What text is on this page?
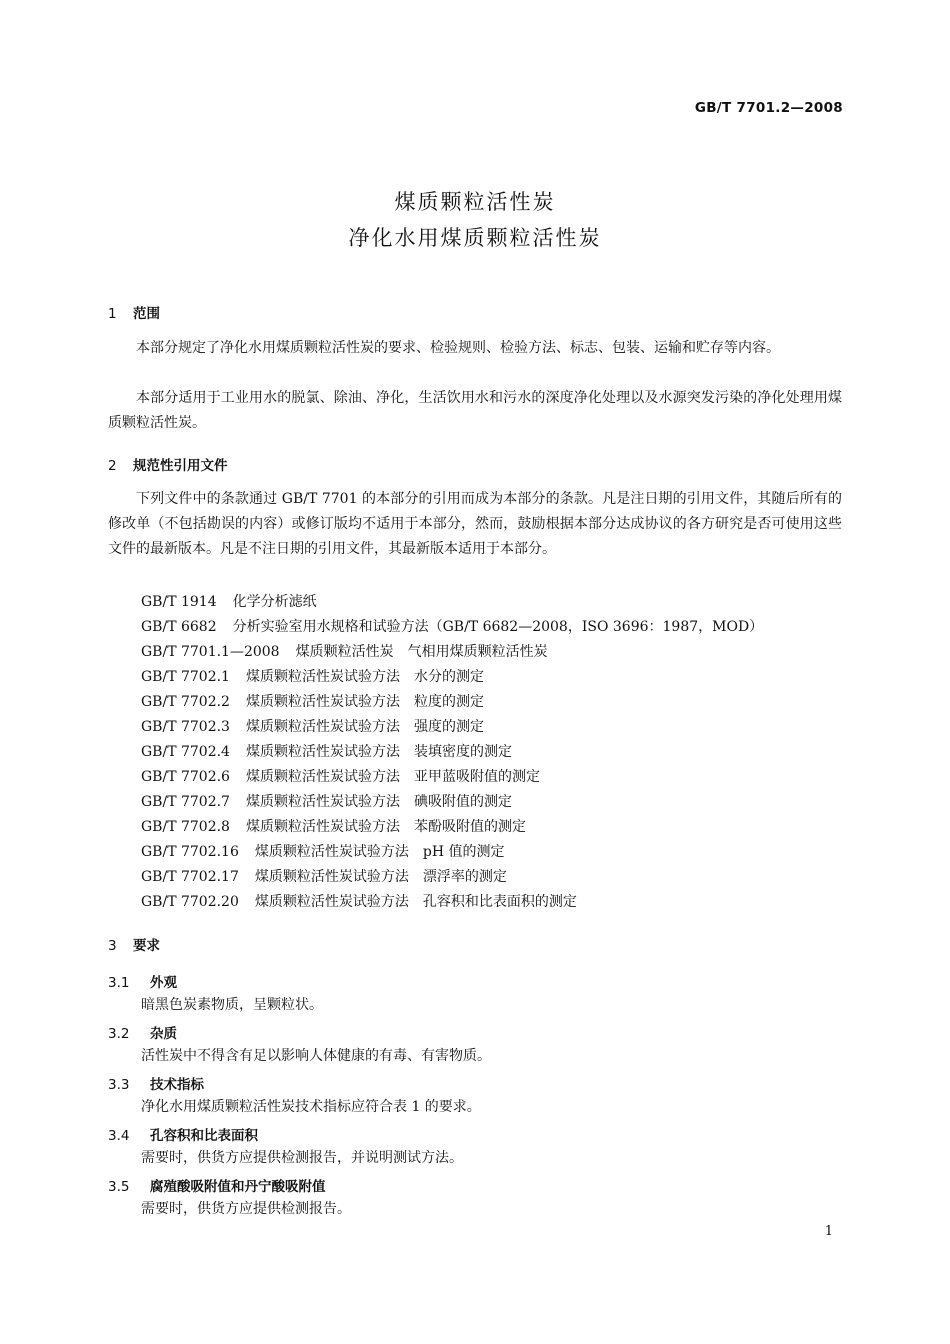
GB/T 7701.2—2008
煤质颗粒活性炭
净化水用煤质颗粒活性炭
1 范围

本部分规定了净化水用煤质颗粒活性炭的要求、检验规则、检验方法、标志、包装、运输和贮存等内容。

本部分适用于工业用水的脱氯、除油、净化，生活饮用水和污水的深度净化处理以及水源突发污染的净化处理用煤质颗粒活性炭。

2 规范性引用文件

下列文件中的条款通过 GB/T 7701 的本部分的引用而成为本部分的条款。凡是注日期的引用文件，其随后所有的修改单（不包括勘误的内容）或修订版均不适用于本部分，然而，鼓励根据本部分达成协议的各方研究是否可使用这些文件的最新版本。凡是不注日期的引用文件，其最新版本适用于本部分。

GB/T 1914 化学分析滤纸
GB/T 6682 分析实验室用水规格和试验方法（GB/T 6682—2008，ISO 3696：1987，MOD）
GB/T 7701.1—2008 煤质颗粒活性炭　气相用煤质颗粒活性炭
GB/T 7702.1 煤质颗粒活性炭试验方法　水分的测定
GB/T 7702.2 煤质颗粒活性炭试验方法　粒度的测定
GB/T 7702.3 煤质颗粒活性炭试验方法　强度的测定
GB/T 7702.4 煤质颗粒活性炭试验方法　装填密度的测定
GB/T 7702.6 煤质颗粒活性炭试验方法　亚甲蓝吸附值的测定
GB/T 7702.7 煤质颗粒活性炭试验方法　碘吸附值的测定
GB/T 7702.8 煤质颗粒活性炭试验方法　苯酚吸附值的测定
GB/T 7702.16 煤质颗粒活性炭试验方法　pH 值的测定
GB/T 7702.17 煤质颗粒活性炭试验方法　漂浮率的测定
GB/T 7702.20 煤质颗粒活性炭试验方法　孔容积和比表面积的测定
3 要求
3.1 外观
暗黑色炭素物质，呈颗粒状。
3.2 杂质
活性炭中不得含有足以影响人体健康的有毒、有害物质。
3.3 技术指标
净化水用煤质颗粒活性炭技术指标应符合表 1 的要求。
3.4 孔容积和比表面积
需要时，供货方应提供检测报告，并说明测试方法。
3.5 腐殖酸吸附值和丹宁酸吸附值
需要时，供货方应提供检测报告。
1
